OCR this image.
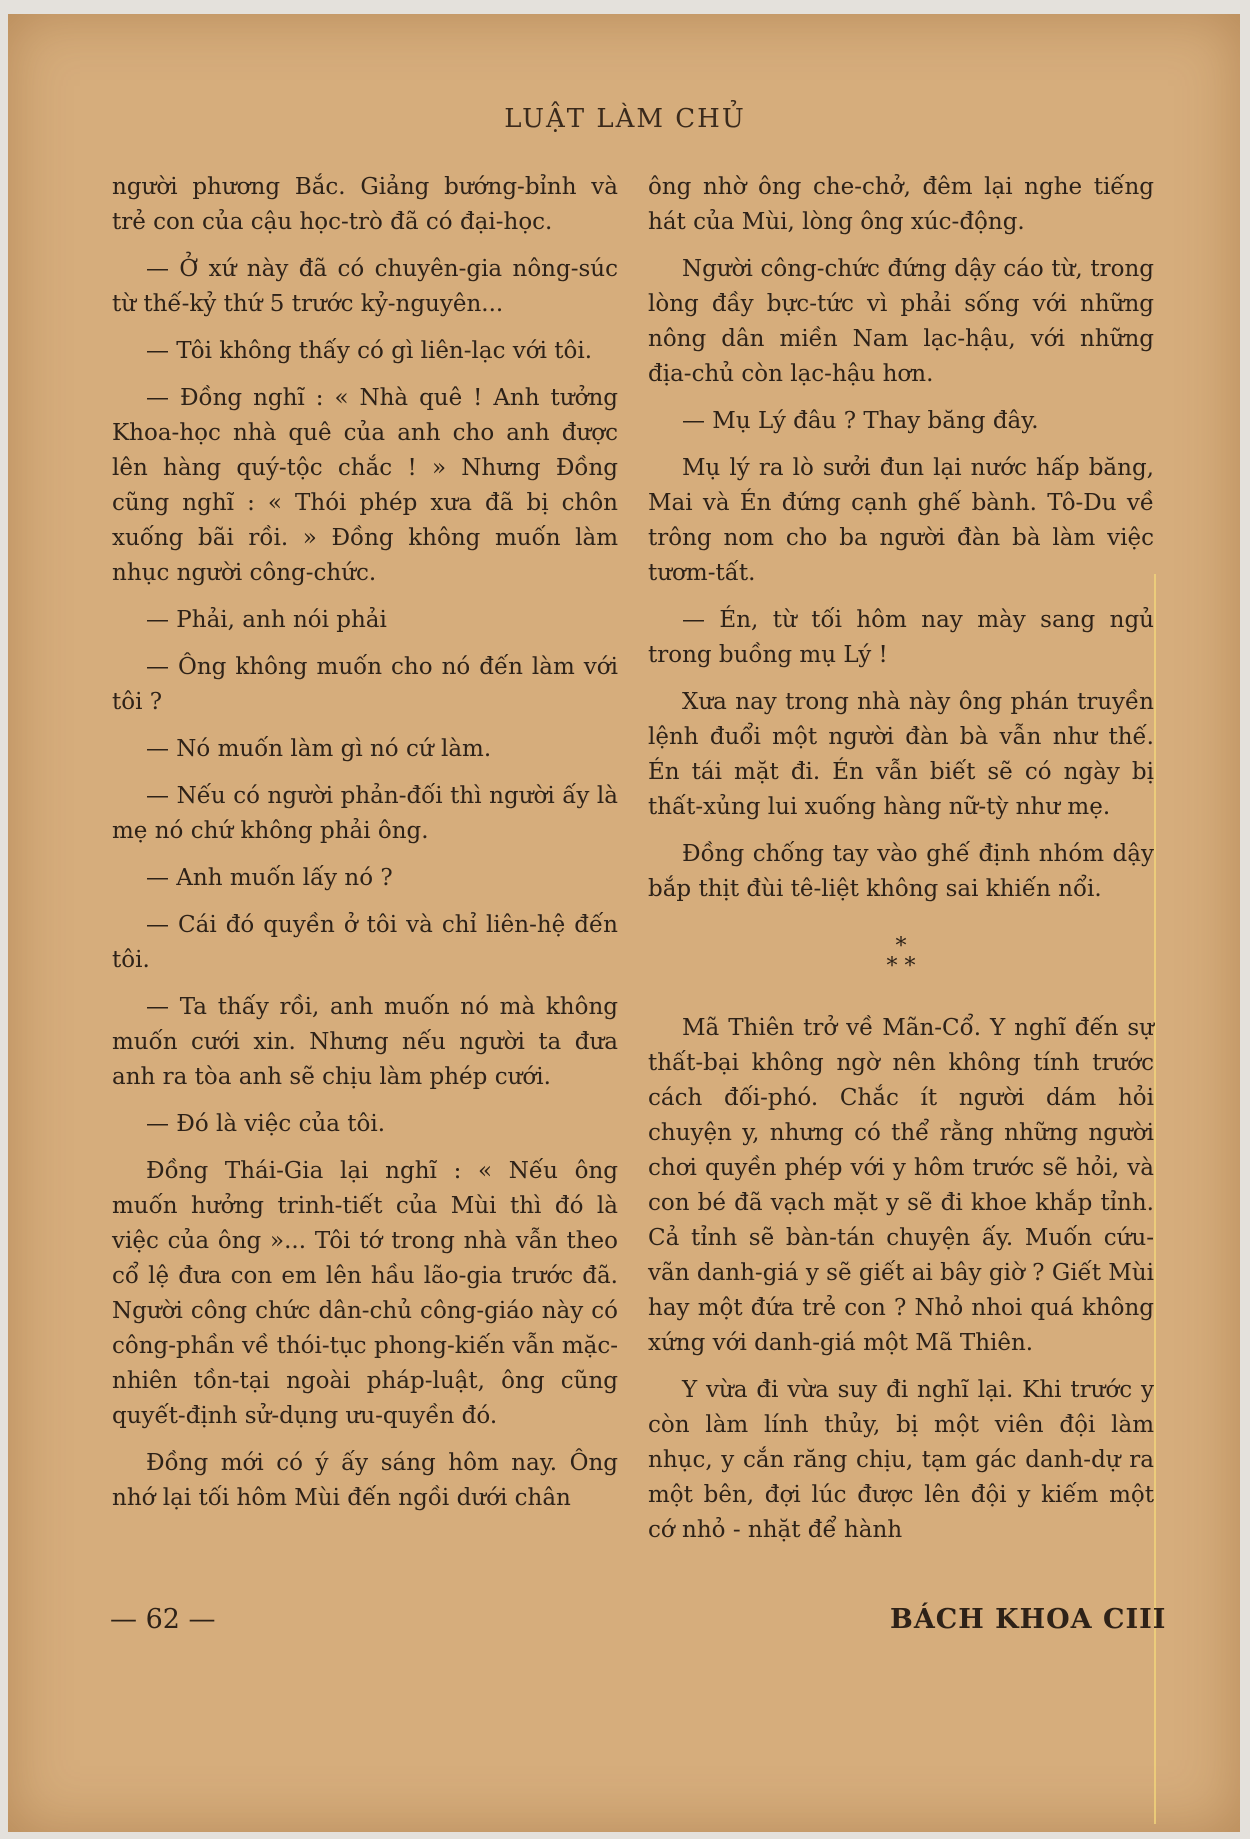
LUẬT LÀM CHỦ

người phương Bắc. Giảng bướng-bỉnh và trẻ con của cậu học-trò đã có đại-học.

— Ở xứ này đã có chuyên-gia nông-súc từ thế-kỷ thứ 5 trước kỷ-nguyên...

— Tôi không thấy có gì liên-lạc với tôi.

— Đồng nghĩ : « Nhà quê ! Anh tưởng Khoa-học nhà quê của anh cho anh được lên hàng quý-tộc chắc ! » Nhưng Đồng cũng nghĩ : « Thói phép xưa đã bị chôn xuống bãi rồi. » Đồng không muốn làm nhục người công-chức.

— Phải, anh nói phải

— Ông không muốn cho nó đến làm với tôi ?

— Nó muốn làm gì nó cứ làm.

— Nếu có người phản-đối thì người ấy là mẹ nó chứ không phải ông.

— Anh muốn lấy nó ?

— Cái đó quyền ở tôi và chỉ liên-hệ đến tôi.

— Ta thấy rồi, anh muốn nó mà không muốn cưới xin. Nhưng nếu người ta đưa anh ra tòa anh sẽ chịu làm phép cưới.

— Đó là việc của tôi.

Đồng Thái-Gia lại nghĩ : « Nếu ông muốn hưởng trinh-tiết của Mùi thì đó là việc của ông »... Tôi tớ trong nhà vẫn theo cổ lệ đưa con em lên hầu lão-gia trước đã. Người công chức dân-chủ công-giáo này có công-phần về thói-tục phong-kiến vẫn mặc-nhiên tồn-tại ngoài pháp-luật, ông cũng quyết-định sử-dụng ưu-quyền đó.

Đồng mới có ý ấy sáng hôm nay. Ông nhớ lại tối hôm Mùi đến ngồi dưới chân

ông nhờ ông che-chở, đêm lại nghe tiếng hát của Mùi, lòng ông xúc-động.

Người công-chức đứng dậy cáo từ, trong lòng đầy bực-tức vì phải sống với những nông dân miền Nam lạc-hậu, với những địa-chủ còn lạc-hậu hơn.

— Mụ Lý đâu ? Thay băng đây.

Mụ lý ra lò sưởi đun lại nước hấp băng, Mai và Én đứng cạnh ghế bành. Tô-Du về trông nom cho ba người đàn bà làm việc tươm-tất.

— Én, từ tối hôm nay mày sang ngủ trong buồng mụ Lý !

Xưa nay trong nhà này ông phán truyền lệnh đuổi một người đàn bà vẫn như thế. Én tái mặt đi. Én vẫn biết sẽ có ngày bị thất-xủng lui xuống hàng nữ-tỳ như mẹ.

Đồng chống tay vào ghế định nhóm dậy bắp thịt đùi tê-liệt không sai khiến nổi.

*
* *

Mã Thiên trở về Mãn-Cổ. Y nghĩ đến sự thất-bại không ngờ nên không tính trước cách đối-phó. Chắc ít người dám hỏi chuyện y, nhưng có thể rằng những người chơi quyền phép với y hôm trước sẽ hỏi, và con bé đã vạch mặt y sẽ đi khoe khắp tỉnh. Cả tỉnh sẽ bàn-tán chuyện ấy. Muốn cứu-vãn danh-giá y sẽ giết ai bây giờ ? Giết Mùi hay một đứa trẻ con ? Nhỏ nhoi quá không xứng với danh-giá một Mã Thiên.

Y vừa đi vừa suy đi nghĩ lại. Khi trước y còn làm lính thủy, bị một viên đội làm nhục, y cắn răng chịu, tạm gác danh-dự ra một bên, đợi lúc được lên đội y kiếm một cớ nhỏ - nhặt để hành

— 62 —	BÁCH KHOA CIII
